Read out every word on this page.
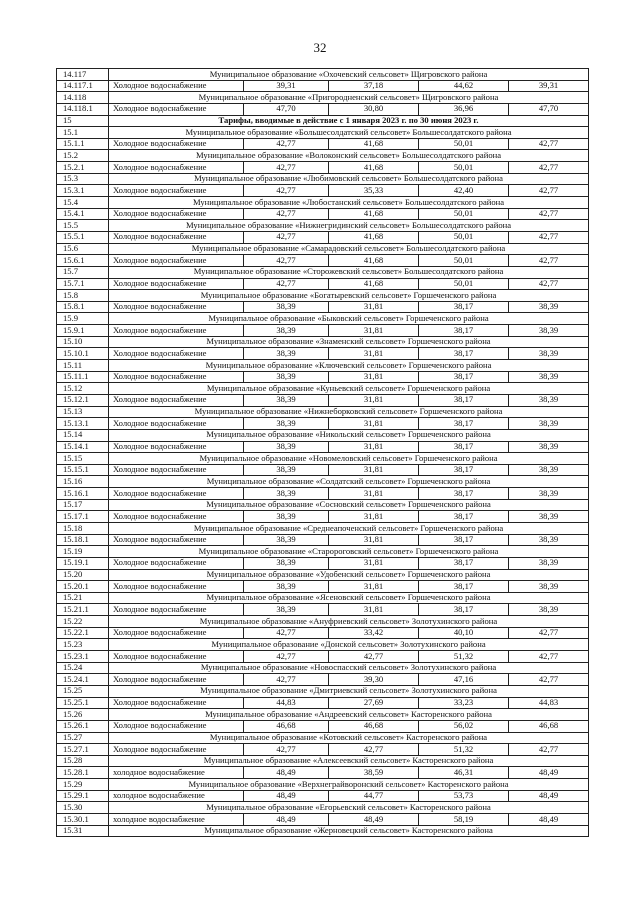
32
14.117	Муниципальное образование «Охочевский сельсовет» Щигровского района				
14.117.1	Холодное водоснабжение	39,31	37,18	44,62	39,31
14.118	Муниципальное образование «Пригородненский сельсовет» Щигровского района				
14.118.1	Холодное водоснабжение	47,70	30,80	36,96	47,70
15	Тарифы, вводимые в действие с 1 января 2023 г. по 30 июня 2023 г.				
15.1	Муниципальное образование «Большесолдатский сельсовет» Большесолдатского района				
15.1.1	Холодное водоснабжение	42,77	41,68	50,01	42,77
15.2	Муниципальное образование «Волоконский сельсовет» Большесолдатского района				
15.2.1	Холодное водоснабжение	42,77	41,68	50,01	42,77
15.3	Муниципальное образование «Любимовский сельсовет» Большесолдатского района				
15.3.1	Холодное водоснабжение	42,77	35,33	42,40	42,77
15.4	Муниципальное образование «Любостанский сельсовет» Большесолдатского района				
15.4.1	Холодное водоснабжение	42,77	41,68	50,01	42,77
15.5	Муниципальное образование «Нижнегридинский сельсовет» Большесолдатского района				
15.5.1	Холодное водоснабжение	42,77	41,68	50,01	42,77
15.6	Муниципальное образование «Самарадовский сельсовет» Большесолдатского района				
15.6.1	Холодное водоснабжение	42,77	41,68	50,01	42,77
15.7	Муниципальное образование «Сторожевский сельсовет» Большесолдатского района				
15.7.1	Холодное водоснабжение	42,77	41,68	50,01	42,77
15.8	Муниципальное образование «Богатыревский сельсовет» Горшеченского района				
15.8.1	Холодное водоснабжение	38,39	31,81	38,17	38,39
15.9	Муниципальное образование «Быковский сельсовет» Горшеченского района				
15.9.1	Холодное водоснабжение	38,39	31,81	38,17	38,39
15.10	Муниципальное образование «Знаменский сельсовет» Горшеченского района				
15.10.1	Холодное водоснабжение	38,39	31,81	38,17	38,39
15.11	Муниципальное образование «Ключевский сельсовет» Горшеченского района				
15.11.1	Холодное водоснабжение	38,39	31,81	38,17	38,39
15.12	Муниципальное образование «Куньевский сельсовет» Горшеченского района				
15.12.1	Холодное водоснабжение	38,39	31,81	38,17	38,39
15.13	Муниципальное образование «Нижнеборковский сельсовет» Горшеченского района				
15.13.1	Холодное водоснабжение	38,39	31,81	38,17	38,39
15.14	Муниципальное образование «Никольский сельсовет» Горшеченского района				
15.14.1	Холодное водоснабжение	38,39	31,81	38,17	38,39
15.15	Муниципальное образование «Новомеловский сельсовет» Горшеченского района				
15.15.1	Холодное водоснабжение	38,39	31,81	38,17	38,39
15.16	Муниципальное образование «Солдатский сельсовет» Горшеченского района				
15.16.1	Холодное водоснабжение	38,39	31,81	38,17	38,39
15.17	Муниципальное образование «Сосновский сельсовет» Горшеченского района				
15.17.1	Холодное водоснабжение	38,39	31,81	38,17	38,39
15.18	Муниципальное образование «Среднеапоченский сельсовет» Горшеченского района				
15.18.1	Холодное водоснабжение	38,39	31,81	38,17	38,39
15.19	Муниципальное образование «Старороговский сельсовет» Горшеченского района				
15.19.1	Холодное водоснабжение	38,39	31,81	38,17	38,39
15.20	Муниципальное образование «Удобенский сельсовет» Горшеченского района				
15.20.1	Холодное водоснабжение	38,39	31,81	38,17	38,39
15.21	Муниципальное образование «Ясеновский сельсовет» Горшеченского района				
15.21.1	Холодное водоснабжение	38,39	31,81	38,17	38,39
15.22	Муниципальное образование «Ануфриевский сельсовет» Золотухинского района				
15.22.1	Холодное водоснабжение	42,77	33,42	40,10	42,77
15.23	Муниципальное образование «Донской сельсовет» Золотухинского района				
15.23.1	Холодное водоснабжение	42,77	42,77	51,32	42,77
15.24	Муниципальное образование «Новоспасский сельсовет» Золотухинского района				
15.24.1	Холодное водоснабжение	42,77	39,30	47,16	42,77
15.25	Муниципальное образование «Дмитриевский сельсовет» Золотухинского района				
15.25.1	Холодное водоснабжение	44,83	27,69	33,23	44,83
15.26	Муниципальное образование «Андреевский сельсовет» Касторенского района				
15.26.1	Холодное водоснабжение	46,68	46,68	56,02	46,68
15.27	Муниципальное образование «Котовский сельсовет» Касторенского района				
15.27.1	Холодное водоснабжение	42,77	42,77	51,32	42,77
15.28	Муниципальное образование «Алексеевский сельсовет» Касторенского района				
15.28.1	холодное водоснабжение	48,49	38,59	46,31	48,49
15.29	Муниципальное образование «Верхнеграйворонский сельсовет» Касторенского района				
15.29.1	холодное водоснабжение	48,49	44,77	53,73	48,49
15.30	Муниципальное образование «Егорьевский сельсовет» Касторенского района				
15.30.1	холодное водоснабжение	48,49	48,49	58,19	48,49
15.31	Муниципальное образование «Жерновецкий сельсовет» Касторенского района				
